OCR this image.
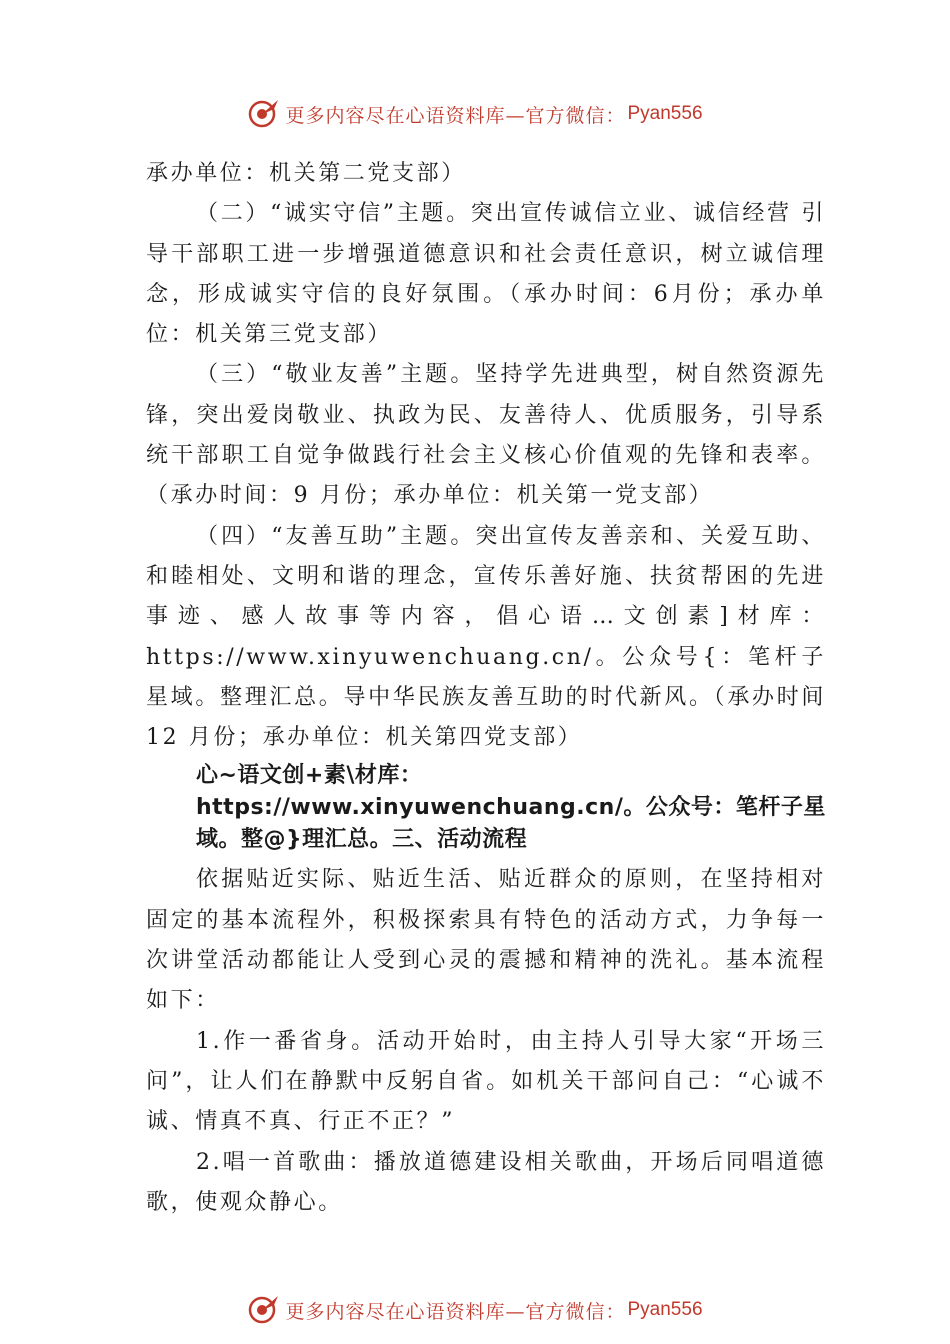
更多内容尽在心语资料库—官方微信： Pyan556

承办单位：机关第二党支部）

（二）“诚实守信”主题。突出宣传诚信立业、诚信经营 引导干部职工进一步增强道德意识和社会责任意识，树立诚信理念，形成诚实守信的良好氛围。（承办时间：6月份；承办单位：机关第三党支部）

（三）“敬业友善”主题。坚持学先进典型，树自然资源先锋，突出爱岗敬业、执政为民、友善待人、优质服务，引导系统干部职工自觉争做践行社会主义核心价值观的先锋和表率。（承办时间：9 月份；承办单位：机关第一党支部）

（四）“友善互助”主题。突出宣传友善亲和、关爱互助、和睦相处、文明和谐的理念，宣传乐善好施、扶贫帮困的先进事迹、感人故事等内容，倡心语…文创素]材库：https://www.xinyuwenchuang.cn/。公众号{：笔杆子星域。整理汇总。导中华民族友善互助的时代新风。（承办时间12 月份；承办单位：机关第四党支部）

心~语文创+素\材库：https://www.xinyuwenchuang.cn/。公众号：笔杆子星域。整@}理汇总。三、活动流程

依据贴近实际、贴近生活、贴近群众的原则，在坚持相对固定的基本流程外，积极探索具有特色的活动方式，力争每一次讲堂活动都能让人受到心灵的震撼和精神的洗礼。基本流程如下：

1.作一番省身。活动开始时，由主持人引导大家“开场三问”，让人们在静默中反躬自省。如机关干部问自己：“心诚不诚、情真不真、行正不正？”

2.唱一首歌曲：播放道德建设相关歌曲，开场后同唱道德歌，使观众静心。

更多内容尽在心语资料库—官方微信： Pyan556
